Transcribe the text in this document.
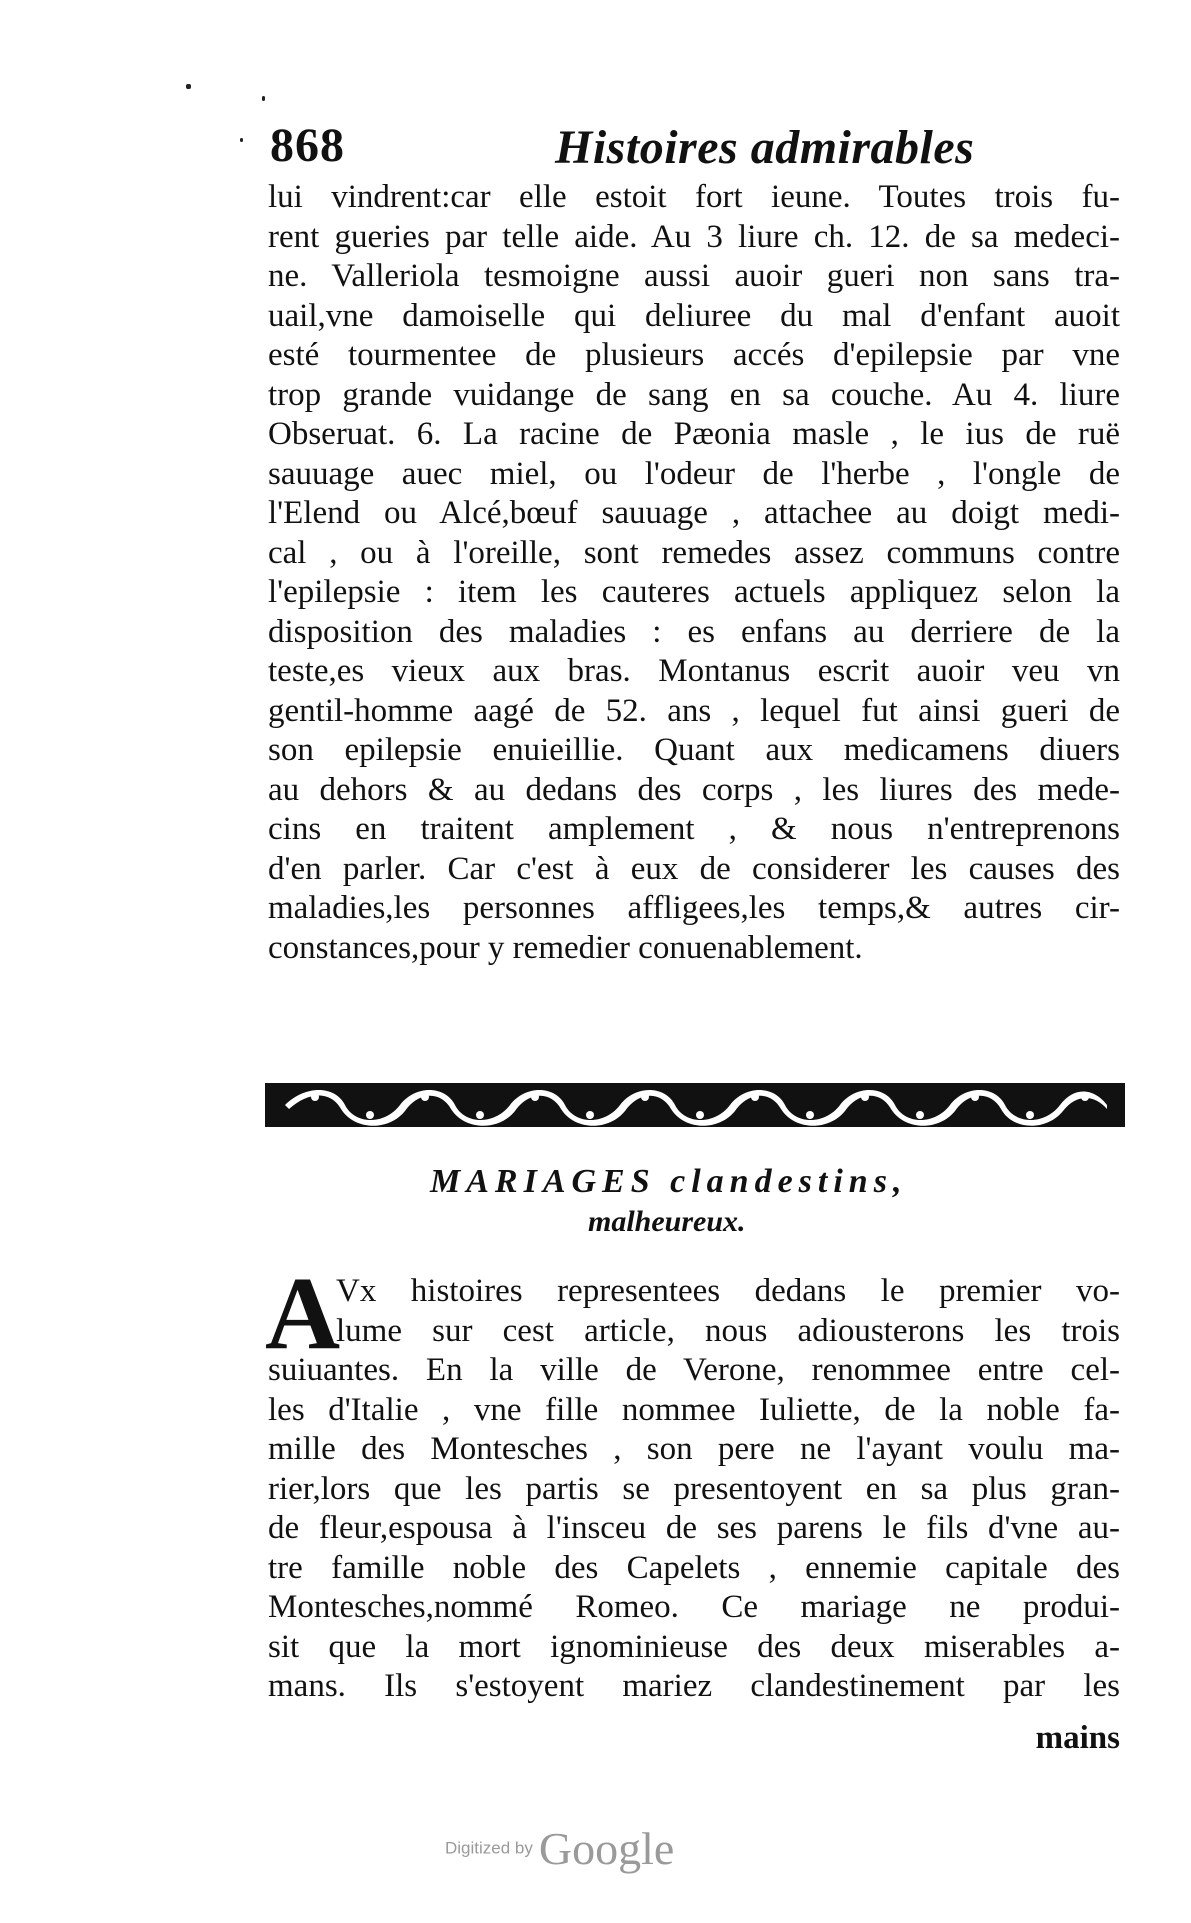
868	Histoires admirables
lui vindrent:car elle estoit fort ieune. Toutes trois fu-
rent gueries par telle aide. Au 3 liure ch. 12. de sa medeci-
ne. Valleriola tesmoigne aussi auoir gueri non sans tra-
uail,vne damoiselle qui deliuree du mal d'enfant auoit
esté tourmentee de plusieurs accés d'epilepsie par vne
trop grande vuidange de sang en sa couche. Au 4. liure
Obseruat. 6. La racine de Pæonia masle , le ius de ruë
sauuage auec miel, ou l'odeur de l'herbe , l'ongle de
l'Elend ou Alcé,bœuf sauuage , attachee au doigt medi-
cal , ou à l'oreille, sont remedes assez communs contre
l'epilepsie : item les cauteres actuels appliquez selon la
disposition des maladies : es enfans au derriere de la
teste,es vieux aux bras. Montanus escrit auoir veu vn
gentil-homme aagé de 52. ans , lequel fut ainsi gueri de
son epilepsie enuieillie. Quant aux medicamens diuers
au dehors & au dedans des corps , les liures des mede-
cins en traitent amplement , & nous n'entreprenons
d'en parler. Car c'est à eux de considerer les causes des
maladies,les personnes affligees,les temps,& autres cir-
constances,pour y remedier conuenablement.
MARIAGES clandestins,
malheureux.
A
Vx histoires representees dedans le premier vo-
lume sur cest article, nous adiousterons les trois
suiuantes. En la ville de Verone, renommee entre cel-
les d'Italie , vne fille nommee Iuliette, de la noble fa-
mille des Montesches , son pere ne l'ayant voulu ma-
rier,lors que les partis se presentoyent en sa plus gran-
de fleur,espousa à l'insceu de ses parens le fils d'vne au-
tre famille noble des Capelets , ennemie capitale des
Montesches,nommé Romeo. Ce mariage ne produi-
sit que la mort ignominieuse des deux miserables a-
mans. Ils s'estoyent mariez clandestinement par les
mains
Digitized by Google
